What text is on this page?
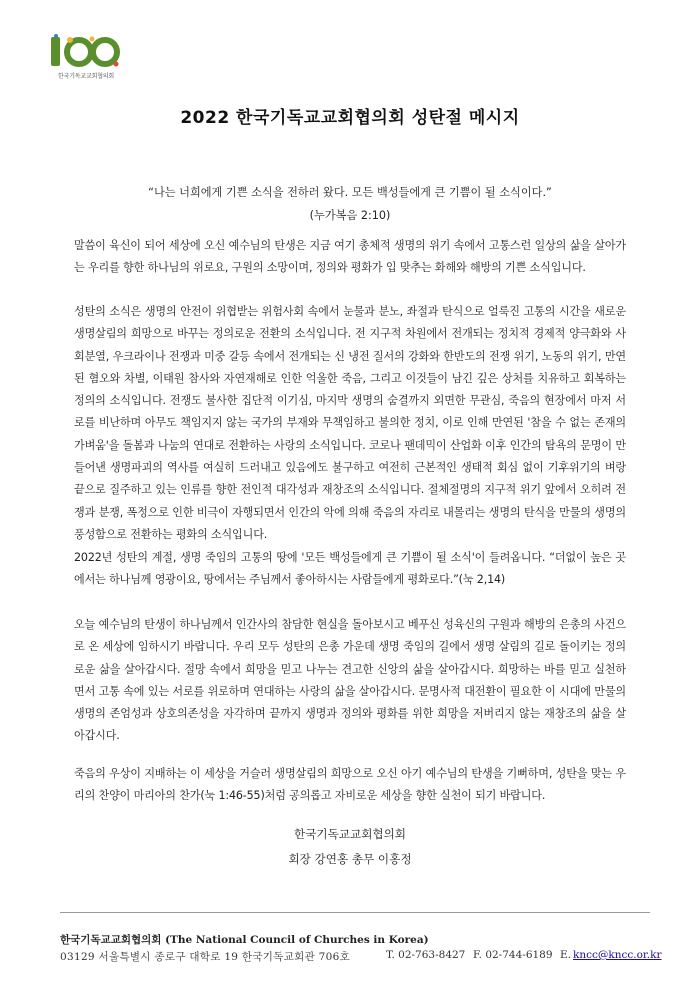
한국기독교교회협의회
2022 한국기독교교회협의회 성탄절 메시지
“나는 너희에게 기쁜 소식을 전하러 왔다. 모든 백성들에게 큰 기쁨이 될 소식이다.”
(누가복음 2:10)

말씀이 육신이 되어 세상에 오신 예수님의 탄생은 지금 여기 총체적 생명의 위기 속에서 고통스런 일상의 삶을 살아가는 우리를 향한 하나님의 위로요, 구원의 소망이며, 정의와 평화가 입 맞추는 화해와 해방의 기쁜 소식입니다.

성탄의 소식은 생명의 안전이 위협받는 위험사회 속에서 눈물과 분노, 좌절과 탄식으로 얼룩진 고통의 시간을 새로운 생명살림의 희망으로 바꾸는 정의로운 전환의 소식입니다. 전 지구적 차원에서 전개되는 정치적 경제적 양극화와 사회분열, 우크라이나 전쟁과 미중 갈등 속에서 전개되는 신 냉전 질서의 강화와 한반도의 전쟁 위기, 노동의 위기, 만연된 혐오와 차별, 이태원 참사와 자연재해로 인한 억울한 죽음, 그리고 이것들이 남긴 깊은 상처를 치유하고 회복하는 정의의 소식입니다. 전쟁도 불사한 집단적 이기심, 마지막 생명의 숨결까지 외면한 무관심, 죽음의 현장에서 마저 서로를 비난하며 아무도 책임지지 않는 국가의 부재와 무책임하고 불의한 정치, 이로 인해 만연된 '참을 수 없는 존재의 가벼움'을 돌봄과 나눔의 연대로 전환하는 사랑의 소식입니다. 코로나 팬데믹이 산업화 이후 인간의 탐욕의 문명이 만들어낸 생명파괴의 역사를 여실히 드러내고 있음에도 불구하고 여전히 근본적인 생태적 회심 없이 기후위기의 벼랑 끝으로 질주하고 있는 인류를 향한 전인적 대각성과 재창조의 소식입니다. 절체절명의 지구적 위기 앞에서 오히려 전쟁과 분쟁, 폭정으로 인한 비극이 자행되면서 인간의 악에 의해 죽음의 자리로 내몰리는 생명의 탄식을 만물의 생명의 풍성함으로 전환하는 평화의 소식입니다.

2022년 성탄의 계절, 생명 죽임의 고통의 땅에 '모든 백성들에게 큰 기쁨이 될 소식'이 들려옵니다. “더없이 높은 곳에서는 하나님께 영광이요, 땅에서는 주님께서 좋아하시는 사람들에게 평화로다.”(눅 2,14)

오늘 예수님의 탄생이 하나님께서 인간사의 참담한 현실을 돌아보시고 베푸신 성육신의 구원과 해방의 은총의 사건으로 온 세상에 임하시기 바랍니다. 우리 모두 성탄의 은총 가운데 생명 죽임의 길에서 생명 살림의 길로 돌이키는 정의로운 삶을 살아갑시다. 절망 속에서 희망을 믿고 나누는 견고한 신앙의 삶을 살아갑시다. 희망하는 바를 믿고 실천하면서 고통 속에 있는 서로를 위로하며 연대하는 사랑의 삶을 살아갑시다. 문명사적 대전환이 필요한 이 시대에 만물의 생명의 존엄성과 상호의존성을 자각하며 끝까지 생명과 정의와 평화를 위한 희망을 저버리지 않는 재창조의 삶을 살아갑시다.

죽음의 우상이 지배하는 이 세상을 거슬러 생명살림의 희망으로 오신 아기 예수님의 탄생을 기뻐하며, 성탄을 맞는 우리의 찬양이 마리아의 찬가(눅 1:46-55)처럼 공의롭고 자비로운 세상을 향한 실천이 되기 바랍니다.

한국기독교교회협의회
회장 강연홍 총무 이홍정
한국기독교교회협의회 (The National Council of Churches in Korea)
03129 서울특별시 종로구 대학로 19 한국기독교회관 706호	T. 02-763-8427 F. 02-744-6189 E. kncc@kncc.or.kr
